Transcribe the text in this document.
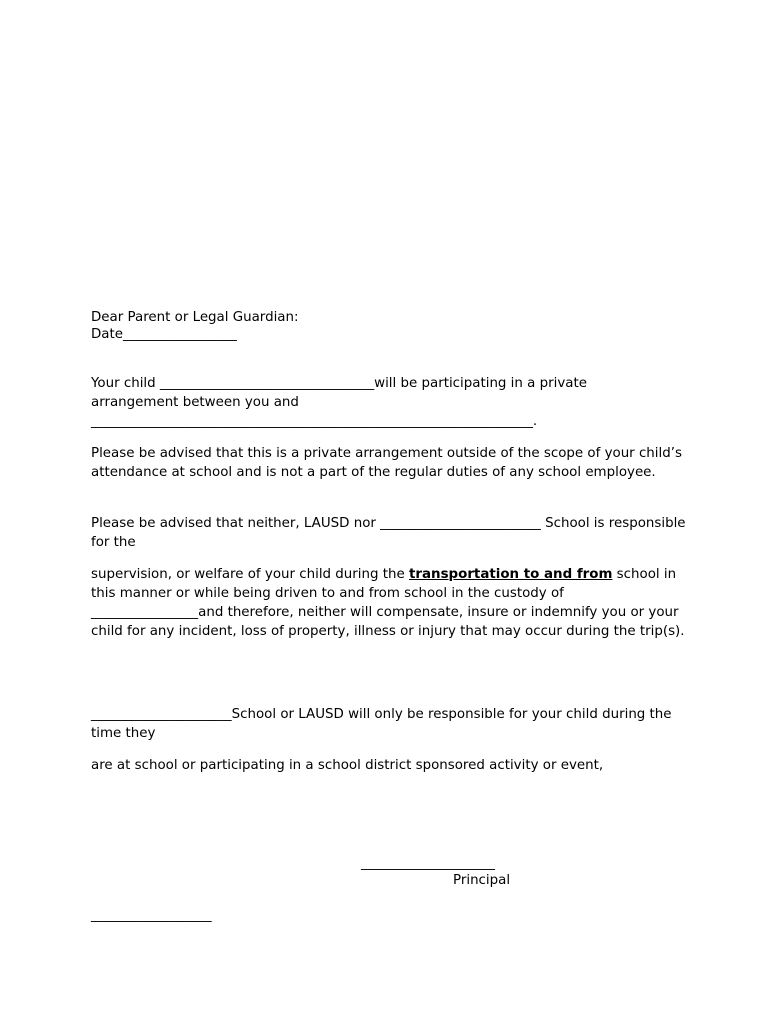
Dear Parent or Legal Guardian:
Date_________________
Your child ________________________________will be participating in a private
arrangement between you and
__________________________________________________________________.
Please be advised that this is a private arrangement outside of the scope of your child’s attendance at school and is not a part of the regular duties of any school employee.
Please be advised that neither, LAUSD nor ________________________ School is responsible for the
supervision, or welfare of your child during the transportation to and from school in this manner or while being driven to and from school in the custody of ________________and therefore, neither will compensate, insure or indemnify you or your child for any incident, loss of property, illness or injury that may occur during the trip(s).
_____________________School or LAUSD will only be responsible for your child during the time they
are at school or participating in a school district sponsored activity or event,
____________________
Principal
__________________
